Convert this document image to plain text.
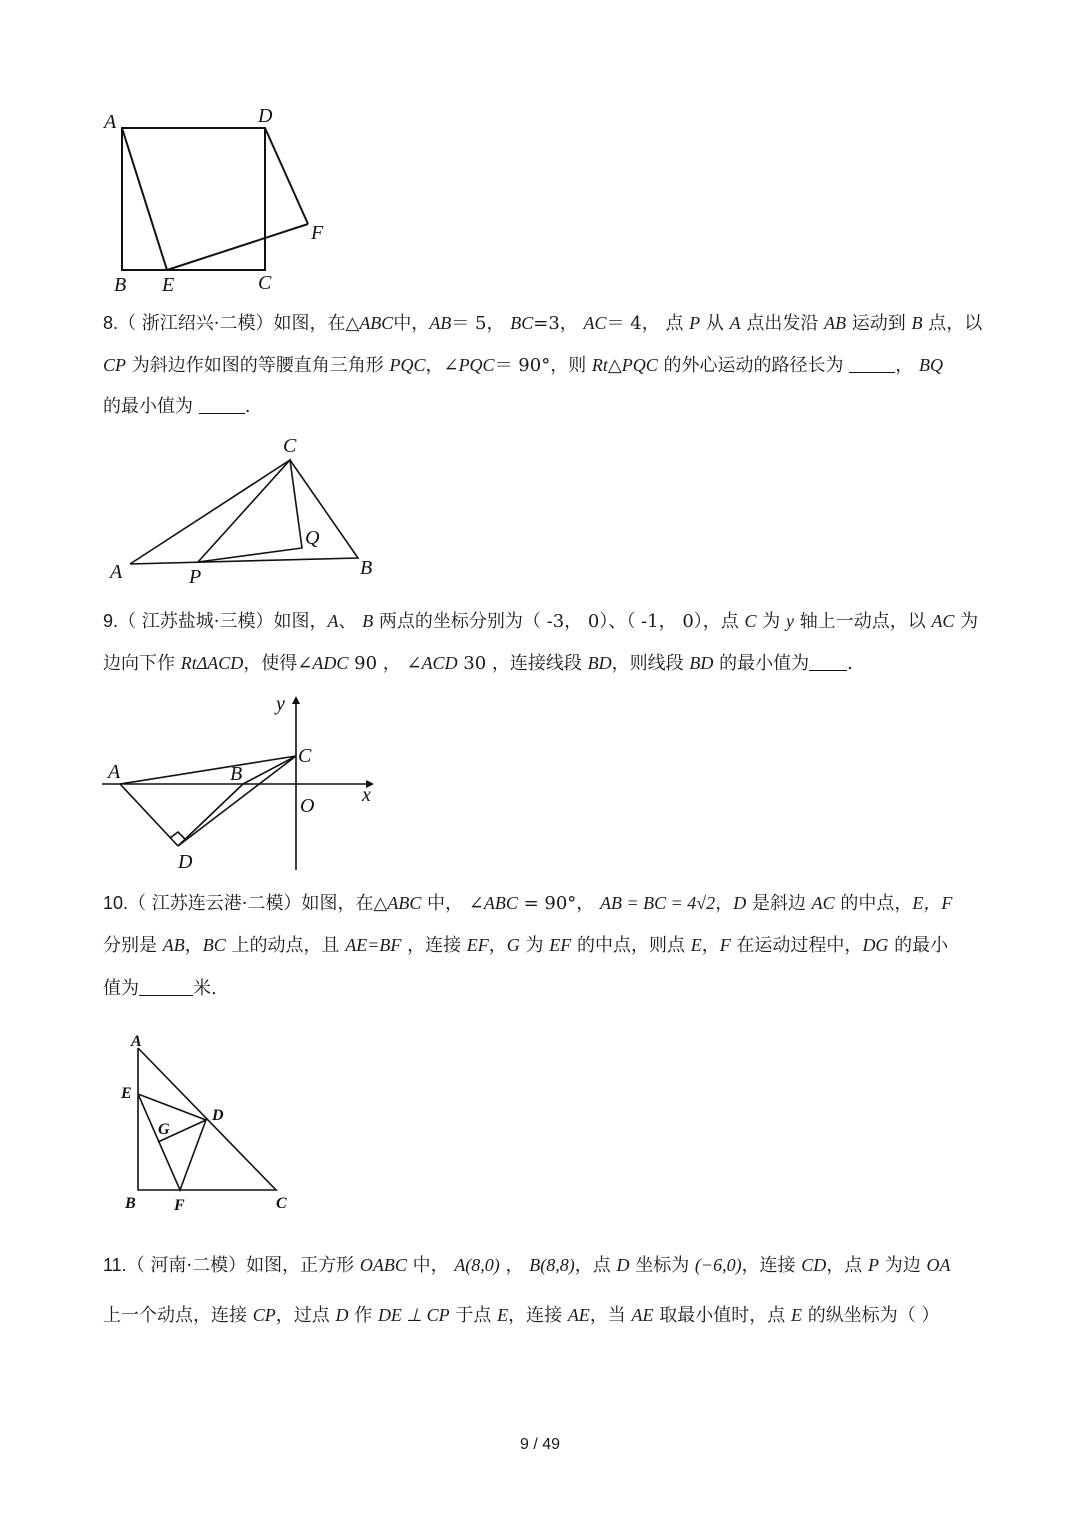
A	D
F
B E	C
8.（ 浙江绍兴·二模）如图，在△ABC中，AB＝ 5， BC=3， AC＝ 4， 点 P 从 A 点出发沿 AB 运动到 B 点，以
CP 为斜边作如图的等腰直角三角形 PQC，∠PQC＝ 90°，则 Rt△PQC 的外心运动的路径长为	， BQ
的最小值为	.
C
Q
A	P	B
9.（ 江苏盐城·三模）如图，A、 B 两点的坐标分别为（ -3， 0）、（ -1， 0），点 C 为 y 轴上一动点，以 AC 为
边向下作 RtΔACD，使得∠ADC 90 ， ∠ACD 30 ，连接线段 BD，则线段 BD 的最小值为 .
y
C
A	B
x
O
D
10.（ 江苏连云港·二模）如图，在△ABC 中， ∠ABC = 90°， AB = BC = 4√2，D 是斜边 AC 的中点，E，F
分别是 AB，BC 上的动点，且 AE=BF ，连接 EF，G 为 EF 的中点，则点 E，F 在运动过程中，DG 的最小
值为	米.
A
E
D
G
B F	C
11.（ 河南·二模）如图，正方形 OABC 中， A(8,0) ， B(8,8)，点 D 坐标为 (−6,0)，连接 CD，点 P 为边 OA
上一个动点，连接 CP，过点 D 作 DE ⊥ CP 于点 E，连接 AE，当 AE 取最小值时，点 E 的纵坐标为（ ）
9 / 49
